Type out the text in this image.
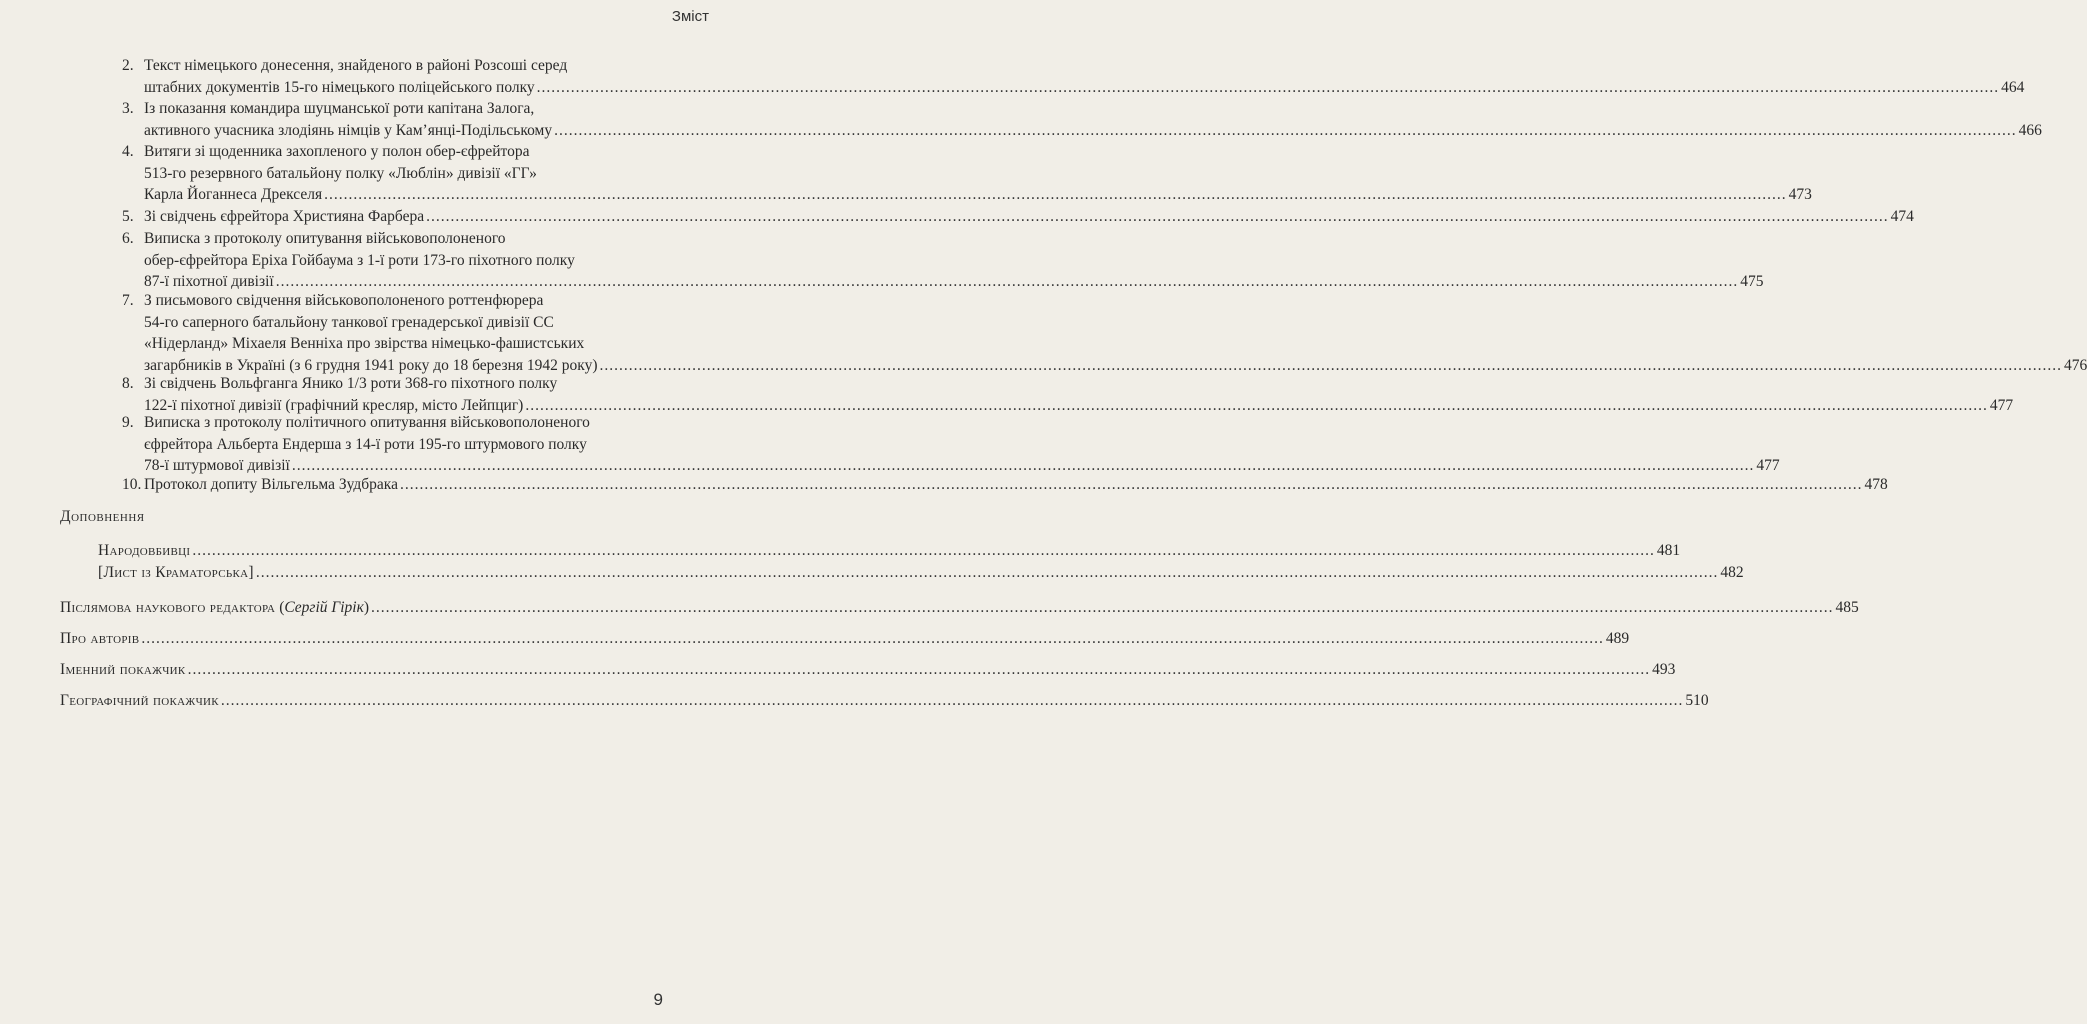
Зміст
2. Текст німецького донесення, знайденого в районі Розсоші серед
штабних документів 15-го німецького поліцейського полку ............................................................................................................................................................................................................................................................................................................ 464
3. Із показання командира шуцманської роти капітана Залога,
активного учасника злодіянь німців у Кам’янці-Подільському ............................................................................................................................................................................................................................................................................................................ 466
4. Витяги зі щоденника захопленого у полон обер-єфрейтора
513-го резервного батальйону полку «Люблін» дивізії «ГГ»
Карла Йоганнеса Дрекселя ............................................................................................................................................................................................................................................................................................................ 473
5. Зі свідчень єфрейтора Християна Фарбера ............................................................................................................................................................................................................................................................................................................ 474
6. Виписка з протоколу опитування військовополоненого
обер-єфрейтора Еріха Гойбаума з 1-ї роти 173-го піхотного полку
87-ї піхотної дивізії ............................................................................................................................................................................................................................................................................................................ 475
7. З письмового свідчення військовополоненого роттенфюрера
54-го саперного батальйону танкової гренадерської дивізії СС
«Нідерланд» Міхаеля Венніхa про звірства німецько-фашистських
загарбників в Україні (з 6 грудня 1941 року до 18 березня 1942 року) ............................................................................................................................................................................................................................................................................................................ 476
8. Зі свідчень Вольфганга Янико 1/3 роти 368-го піхотного полку
122-ї піхотної дивізії (графічний кресляр, місто Лейпциг) ............................................................................................................................................................................................................................................................................................................ 477
9. Виписка з протоколу політичного опитування військовополоненого
єфрейтора Альберта Ендерша з 14-ї роти 195-го штурмового полку
78-ї штурмової дивізії ............................................................................................................................................................................................................................................................................................................ 477
10. Протокол допиту Вільгельма Зудбрака ............................................................................................................................................................................................................................................................................................................ 478
Доповнення
Народовбивці ............................................................................................................................................................................................................................................................................................................ 481
[Лист із Краматорська] ............................................................................................................................................................................................................................................................................................................ 482
Післямова наукового редактора (Сергій Гірік) ............................................................................................................................................................................................................................................................................................................ 485
Про авторів ............................................................................................................................................................................................................................................................................................................ 489
Іменний покажчик ............................................................................................................................................................................................................................................................................................................ 493
Географічний покажчик ............................................................................................................................................................................................................................................................................................................ 510
9
